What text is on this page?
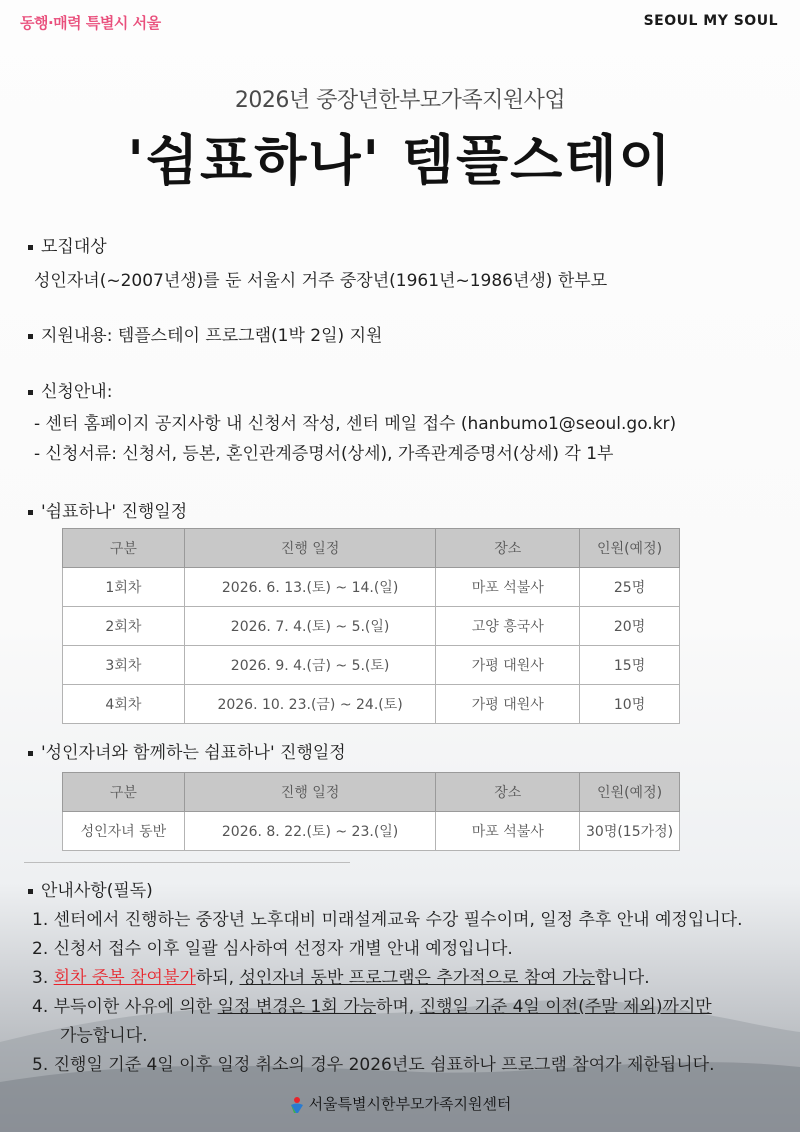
동행·매력 특별시 서울	SEOUL MY SOUL
2026년 중장년한부모가족지원사업
'쉼표하나' 템플스테이
모집대상
성인자녀(~2007년생)를 둔 서울시 거주 중장년(1961년~1986년생) 한부모
지원내용: 템플스테이 프로그램(1박 2일) 지원
신청안내:
- 센터 홈페이지 공지사항 내 신청서 작성, 센터 메일 접수 (hanbumo1@seoul.go.kr)
- 신청서류: 신청서, 등본, 혼인관계증명서(상세), 가족관계증명서(상세) 각 1부
'쉼표하나' 진행일정
구분	진행 일정	장소	인원(예정)
1회차	2026. 6. 13.(토) ~ 14.(일)	마포 석불사	25명
2회차	2026. 7. 4.(토) ~ 5.(일)	고양 흥국사	20명
3회차	2026. 9. 4.(금) ~ 5.(토)	가평 대원사	15명
4회차	2026. 10. 23.(금) ~ 24.(토)	가평 대원사	10명
'성인자녀와 함께하는 쉼표하나' 진행일정
구분	진행 일정	장소	인원(예정)
성인자녀 동반	2026. 8. 22.(토) ~ 23.(일)	마포 석불사	30명(15가정)
안내사항(필독)
1. 센터에서 진행하는 중장년 노후대비 미래설계교육 수강 필수이며, 일정 추후 안내 예정입니다.
2. 신청서 접수 이후 일괄 심사하여 선정자 개별 안내 예정입니다.
3. 회차 중복 참여불가하되, 성인자녀 동반 프로그램은 추가적으로 참여 가능합니다.
4. 부득이한 사유에 의한 일정 변경은 1회 가능하며, 진행일 기준 4일 이전(주말 제외)까지만
가능합니다.
5. 진행일 기준 4일 이후 일정 취소의 경우 2026년도 쉼표하나 프로그램 참여가 제한됩니다.
서울특별시한부모가족지원센터
